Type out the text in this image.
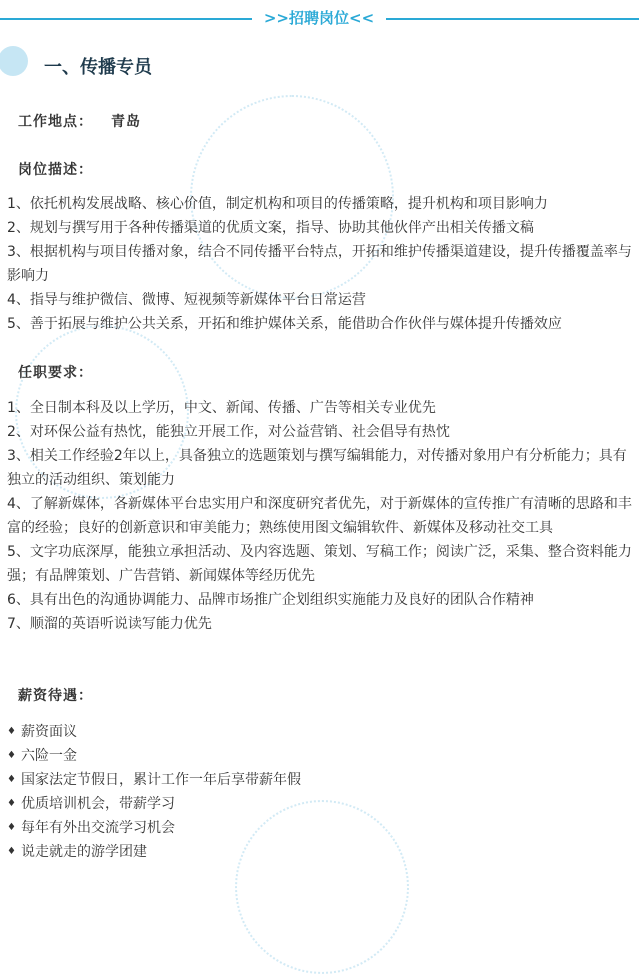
>>招聘岗位<<
一、传播专员
工作地点： 青岛
岗位描述：
1、依托机构发展战略、核心价值，制定机构和项目的传播策略，提升机构和项目影响力
2、规划与撰写用于各种传播渠道的优质文案，指导、协助其他伙伴产出相关传播文稿
3、根据机构与项目传播对象，结合不同传播平台特点，开拓和维护传播渠道建设，提升传播覆盖率与影响力
4、指导与维护微信、微博、短视频等新媒体平台日常运营
5、善于拓展与维护公共关系，开拓和维护媒体关系，能借助合作伙伴与媒体提升传播效应
任职要求：
1、全日制本科及以上学历，中文、新闻、传播、广告等相关专业优先
2、对环保公益有热忱，能独立开展工作，对公益营销、社会倡导有热忱
3、相关工作经验2年以上，具备独立的选题策划与撰写编辑能力，对传播对象用户有分析能力；具有独立的活动组织、策划能力
4、了解新媒体，各新媒体平台忠实用户和深度研究者优先，对于新媒体的宣传推广有清晰的思路和丰富的经验；良好的创新意识和审美能力；熟练使用图文编辑软件、新媒体及移动社交工具
5、文字功底深厚，能独立承担活动、及内容选题、策划、写稿工作；阅读广泛，采集、整合资料能力强；有品牌策划、广告营销、新闻媒体等经历优先
6、具有出色的沟通协调能力、品牌市场推广企划组织实施能力及良好的团队合作精神
7、顺溜的英语听说读写能力优先
薪资待遇：
♦ 薪资面议
♦ 六险一金
♦ 国家法定节假日，累计工作一年后享带薪年假
♦ 优质培训机会，带薪学习
♦ 每年有外出交流学习机会
♦ 说走就走的游学团建
